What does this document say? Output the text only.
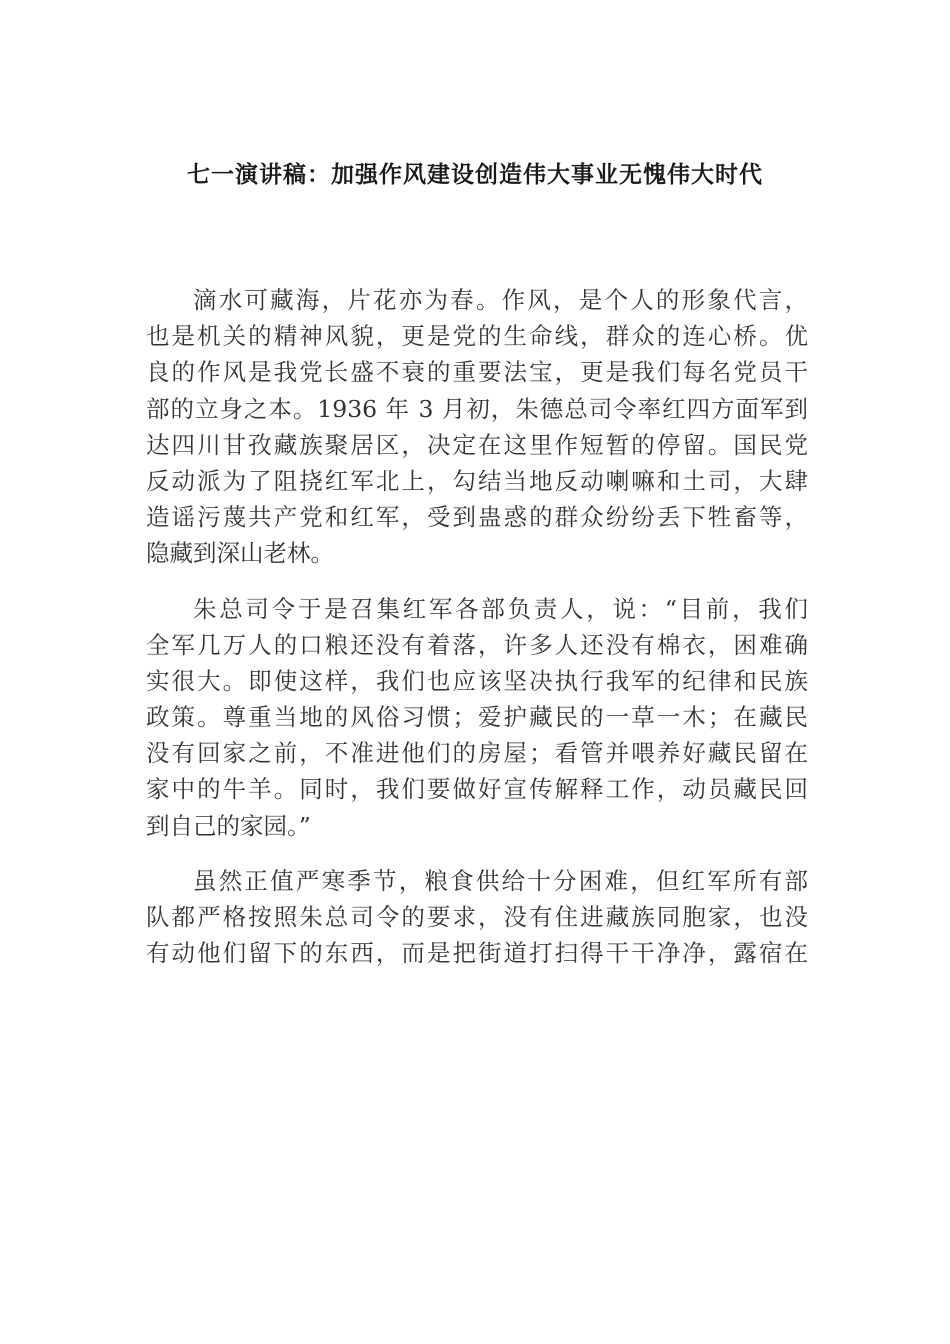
七一演讲稿：加强作风建设创造伟大事业无愧伟大时代
滴水可藏海，片花亦为春。作风，是个人的形象代言，
也是机关的精神风貌，更是党的生命线，群众的连心桥。优
良的作风是我党长盛不衰的重要法宝，更是我们每名党员干
部的立身之本。1936 年 3 月初，朱德总司令率红四方面军到
达四川甘孜藏族聚居区，决定在这里作短暂的停留。国民党
反动派为了阻挠红军北上，勾结当地反动喇嘛和土司，大肆
造谣污蔑共产党和红军，受到蛊惑的群众纷纷丢下牲畜等，
隐藏到深山老林。
朱总司令于是召集红军各部负责人，说：“目前，我们
全军几万人的口粮还没有着落，许多人还没有棉衣，困难确
实很大。即使这样，我们也应该坚决执行我军的纪律和民族
政策。尊重当地的风俗习惯；爱护藏民的一草一木；在藏民
没有回家之前，不准进他们的房屋；看管并喂养好藏民留在
家中的牛羊。同时，我们要做好宣传解释工作，动员藏民回
到自己的家园。”
虽然正值严寒季节，粮食供给十分困难，但红军所有部
队都严格按照朱总司令的要求，没有住进藏族同胞家，也没
有动他们留下的东西，而是把街道打扫得干干净净，露宿在
